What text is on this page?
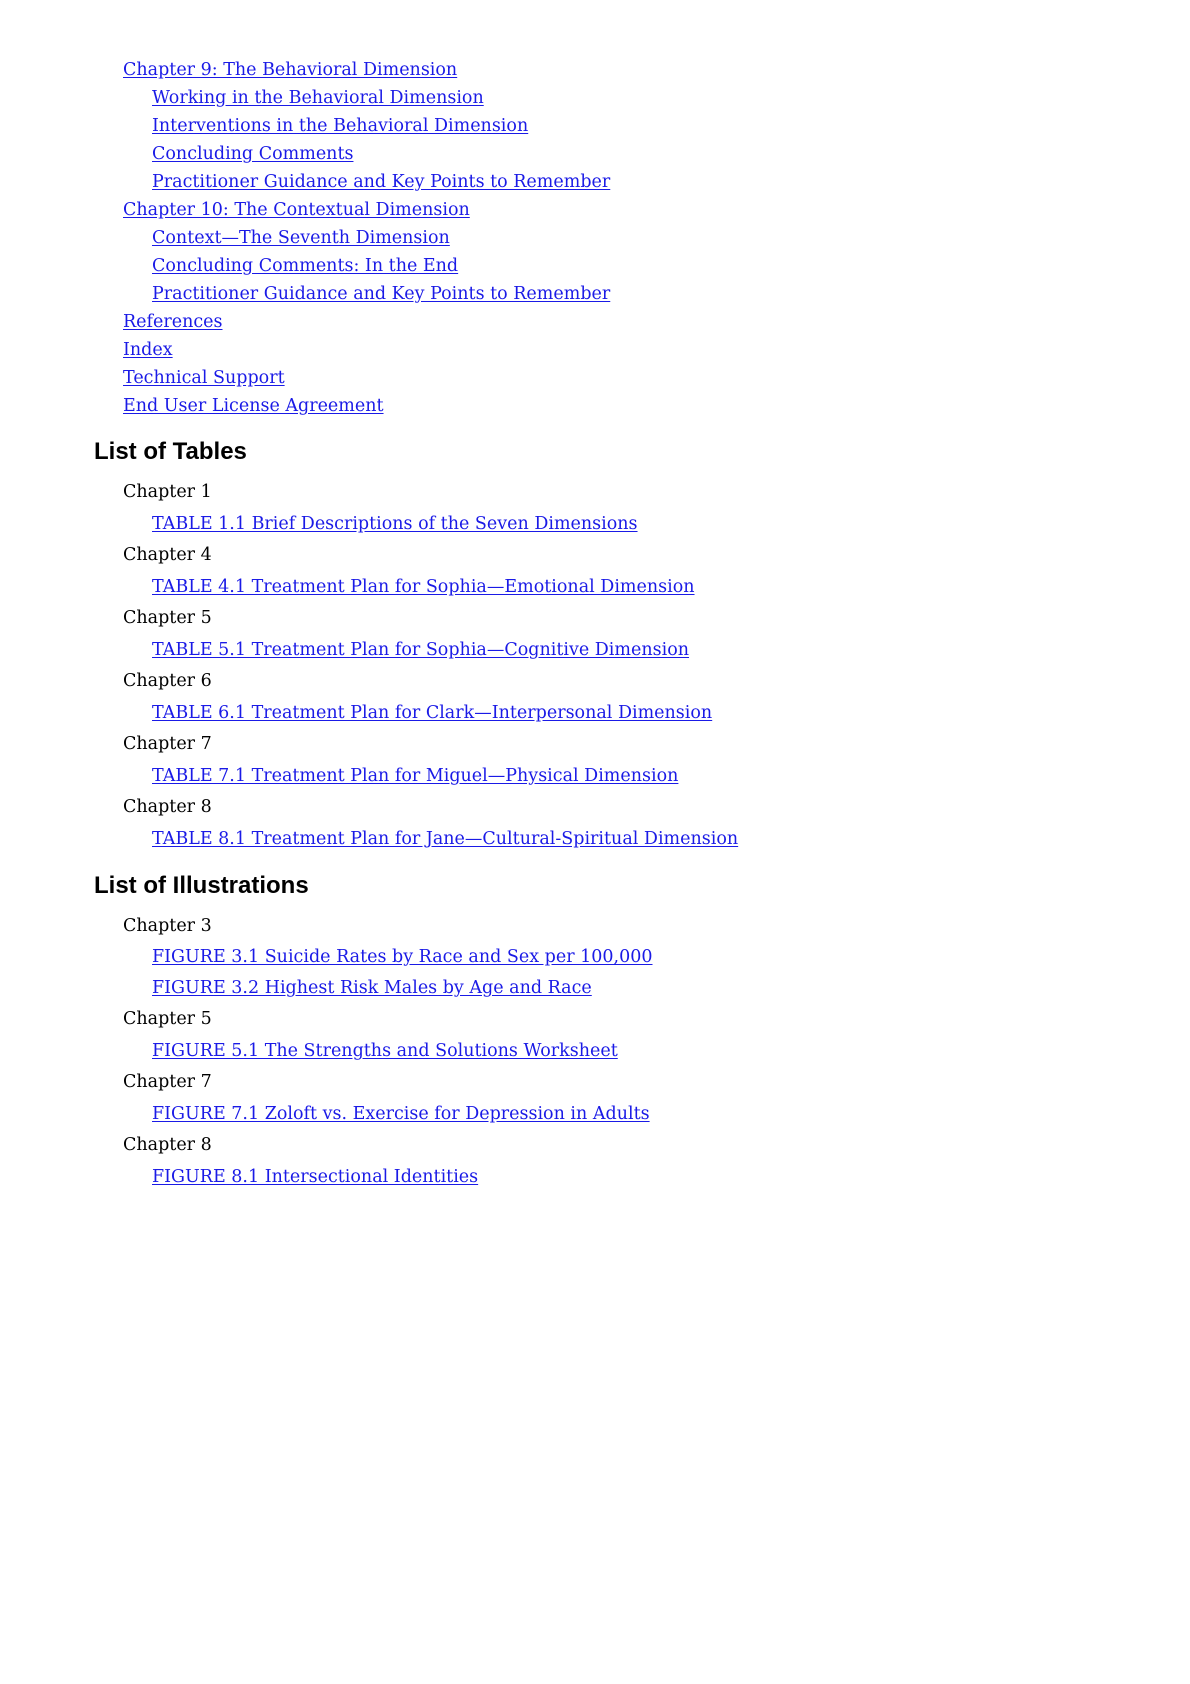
Chapter 9: The Behavioral Dimension
Working in the Behavioral Dimension
Interventions in the Behavioral Dimension
Concluding Comments
Practitioner Guidance and Key Points to Remember
Chapter 10: The Contextual Dimension
Context—The Seventh Dimension
Concluding Comments: In the End
Practitioner Guidance and Key Points to Remember
References
Index
Technical Support
End User License Agreement
List of Tables
Chapter 1
TABLE 1.1 Brief Descriptions of the Seven Dimensions
Chapter 4
TABLE 4.1 Treatment Plan for Sophia—Emotional Dimension
Chapter 5
TABLE 5.1 Treatment Plan for Sophia—Cognitive Dimension
Chapter 6
TABLE 6.1 Treatment Plan for Clark—Interpersonal Dimension
Chapter 7
TABLE 7.1 Treatment Plan for Miguel—Physical Dimension
Chapter 8
TABLE 8.1 Treatment Plan for Jane—Cultural-Spiritual Dimension
List of Illustrations
Chapter 3
FIGURE 3.1 Suicide Rates by Race and Sex per 100,000
FIGURE 3.2 Highest Risk Males by Age and Race
Chapter 5
FIGURE 5.1 The Strengths and Solutions Worksheet
Chapter 7
FIGURE 7.1 Zoloft vs. Exercise for Depression in Adults
Chapter 8
FIGURE 8.1 Intersectional Identities
